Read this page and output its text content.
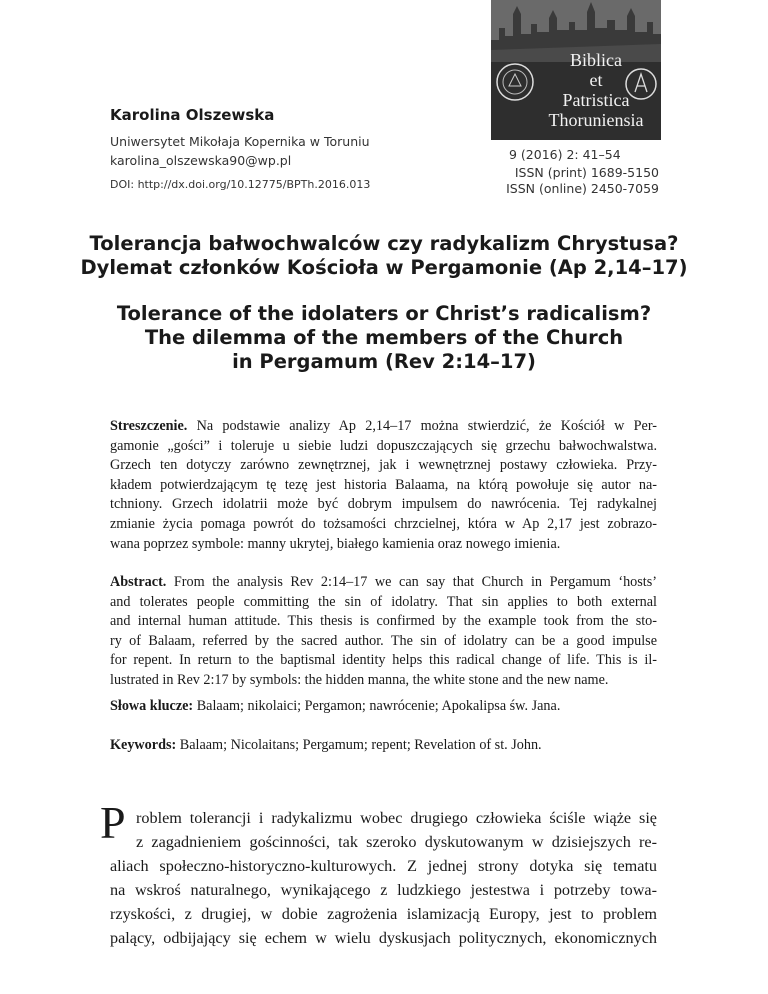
Karolina Olszewska
Uniwersytet Mikołaja Kopernika w Toruniu
karolina_olszewska90@wp.pl
DOI: http://dx.doi.org/10.12775/BPTh.2016.013
Biblica
et
Patristica
Thoruniensia
9 (2016) 2: 41–54
ISSN (print) 1689-5150
ISSN (online) 2450-7059
Tolerancja bałwochwalców czy radykalizm Chrystusa?
Dylemat członków Kościoła w Pergamonie (Ap 2,14–17)
Tolerance of the idolaters or Christ’s radicalism?
The dilemma of the members of the Church
in Pergamum (Rev 2:14–17)
Streszczenie. Na podstawie analizy Ap 2,14–17 można stwierdzić, że Kościół w Per-
gamonie „gości” i toleruje u siebie ludzi dopuszczających się grzechu bałwochwalstwa.
Grzech ten dotyczy zarówno zewnętrznej, jak i wewnętrznej postawy człowieka. Przy-
kładem potwierdzającym tę tezę jest historia Balaama, na którą powołuje się autor na-
tchniony. Grzech idolatrii może być dobrym impulsem do nawrócenia. Tej radykalnej
zmianie życia pomaga powrót do tożsamości chrzcielnej, która w Ap 2,17 jest zobrazo-
wana poprzez symbole: manny ukrytej, białego kamienia oraz nowego imienia.
Abstract. From the analysis Rev 2:14–17 we can say that Church in Pergamum ‘hosts’
and tolerates people committing the sin of idolatry. That sin applies to both external
and internal human attitude. This thesis is confirmed by the example took from the sto-
ry of Balaam, referred by the sacred author. The sin of idolatry can be a good impulse
for repent. In return to the baptismal identity helps this radical change of life. This is il-
lustrated in Rev 2:17 by symbols: the hidden manna, the white stone and the new name.
Słowa klucze: Balaam; nikolaici; Pergamon; nawrócenie; Apokalipsa św. Jana.
Keywords: Balaam; Nicolaitans; Pergamum; repent; Revelation of st. John.
P roblem tolerancji i radykalizmu wobec drugiego człowieka ściśle wiąże się
z zagadnieniem gościnności, tak szeroko dyskutowanym w dzisiejszych re-
aliach społeczno-historyczno-kulturowych. Z jednej strony dotyka się tematu
na wskroś naturalnego, wynikającego z ludzkiego jestestwa i potrzeby towa-
rzyskości, z drugiej, w dobie zagrożenia islamizacją Europy, jest to problem
palący, odbijający się echem w wielu dyskusjach politycznych, ekonomicznych
